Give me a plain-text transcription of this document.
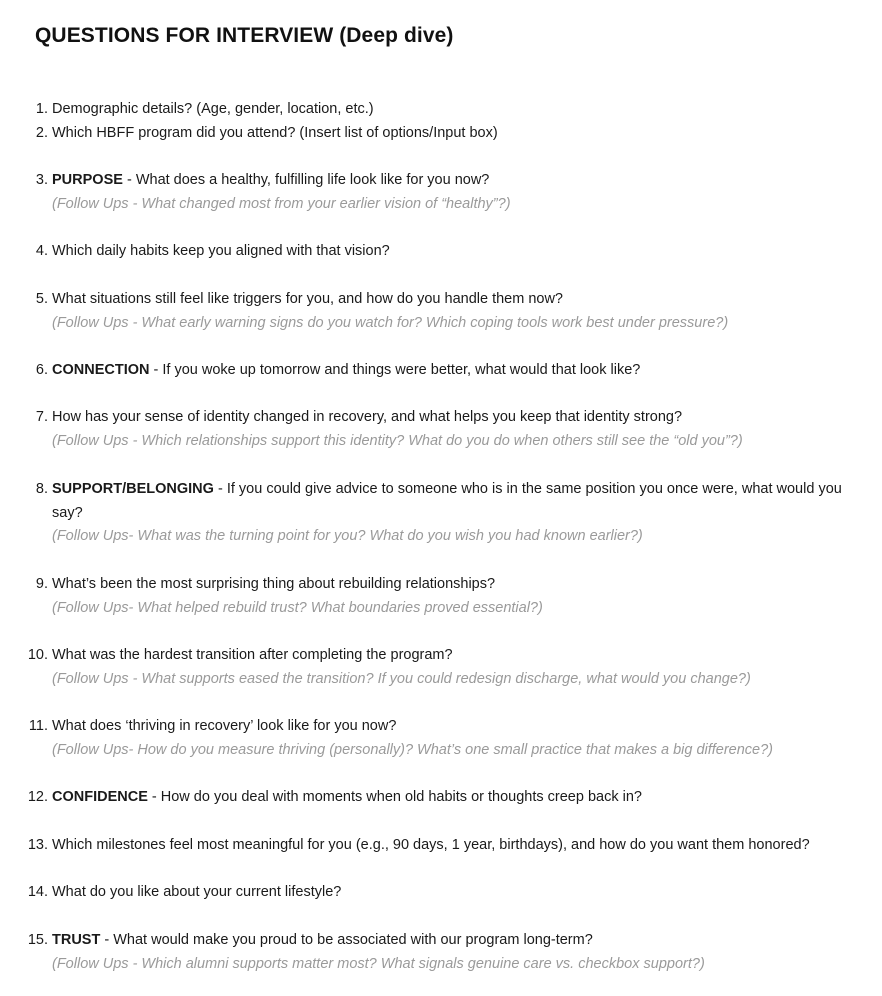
QUESTIONS FOR INTERVIEW (Deep dive)
1. Demographic details? (Age, gender, location, etc.)
2. Which HBFF program did you attend? (Insert list of options/Input box)
3. PURPOSE - What does a healthy, fulfilling life look like for you now?
(Follow Ups - What changed most from your earlier vision of “healthy”?)
4. Which daily habits keep you aligned with that vision?
5. What situations still feel like triggers for you, and how do you handle them now?
(Follow Ups - What early warning signs do you watch for? Which coping tools work best under pressure?)
6. CONNECTION - If you woke up tomorrow and things were better, what would that look like?
7. How has your sense of identity changed in recovery, and what helps you keep that identity strong?
(Follow Ups - Which relationships support this identity? What do you do when others still see the “old you”?)
8. SUPPORT/BELONGING - If you could give advice to someone who is in the same position you once were, what would you say?
(Follow Ups- What was the turning point for you? What do you wish you had known earlier?)
9. What’s been the most surprising thing about rebuilding relationships?
(Follow Ups- What helped rebuild trust? What boundaries proved essential?)
10. What was the hardest transition after completing the program?
(Follow Ups - What supports eased the transition? If you could redesign discharge, what would you change?)
11. What does ‘thriving in recovery’ look like for you now?
(Follow Ups- How do you measure thriving (personally)? What’s one small practice that makes a big difference?)
12. CONFIDENCE - How do you deal with moments when old habits or thoughts creep back in?
13. Which milestones feel most meaningful for you (e.g., 90 days, 1 year, birthdays), and how do you want them honored?
14. What do you like about your current lifestyle?
15. TRUST - What would make you proud to be associated with our program long-term?
(Follow Ups - Which alumni supports matter most? What signals genuine care vs. checkbox support?)
